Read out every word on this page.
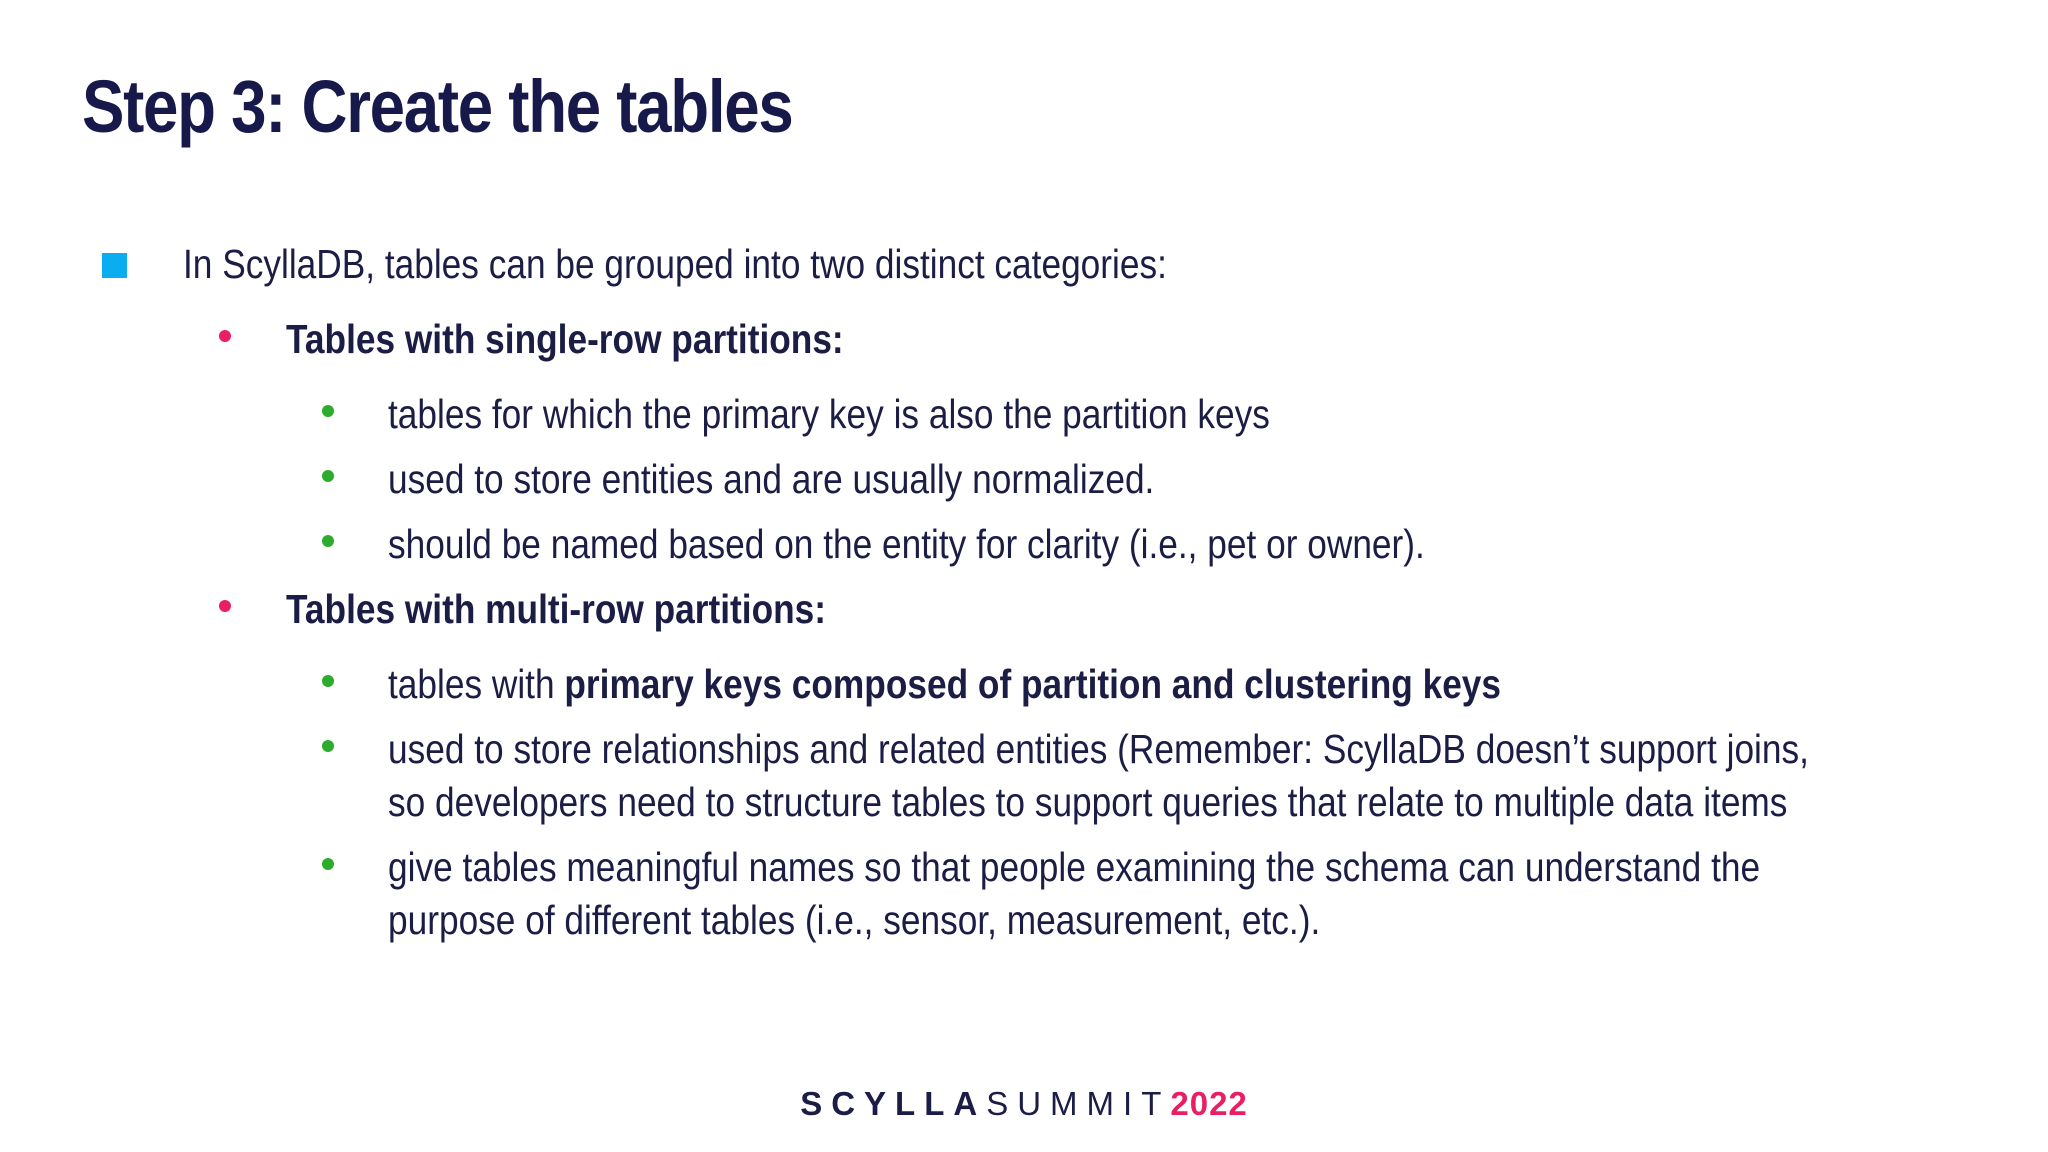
Step 3: Create the tables
In ScyllaDB, tables can be grouped into two distinct categories:
Tables with single-row partitions:
tables for which the primary key is also the partition keys
used to store entities and are usually normalized.
should be named based on the entity for clarity (i.e., pet or owner).
Tables with multi-row partitions:
tables with primary keys composed of partition and clustering keys
used to store relationships and related entities (Remember: ScyllaDB doesn’t support joins,
so developers need to structure tables to support queries that relate to multiple data items
give tables meaningful names so that people examining the schema can understand the
purpose of different tables (i.e., sensor, measurement, etc.).
SCYLLASUMMIT2022
